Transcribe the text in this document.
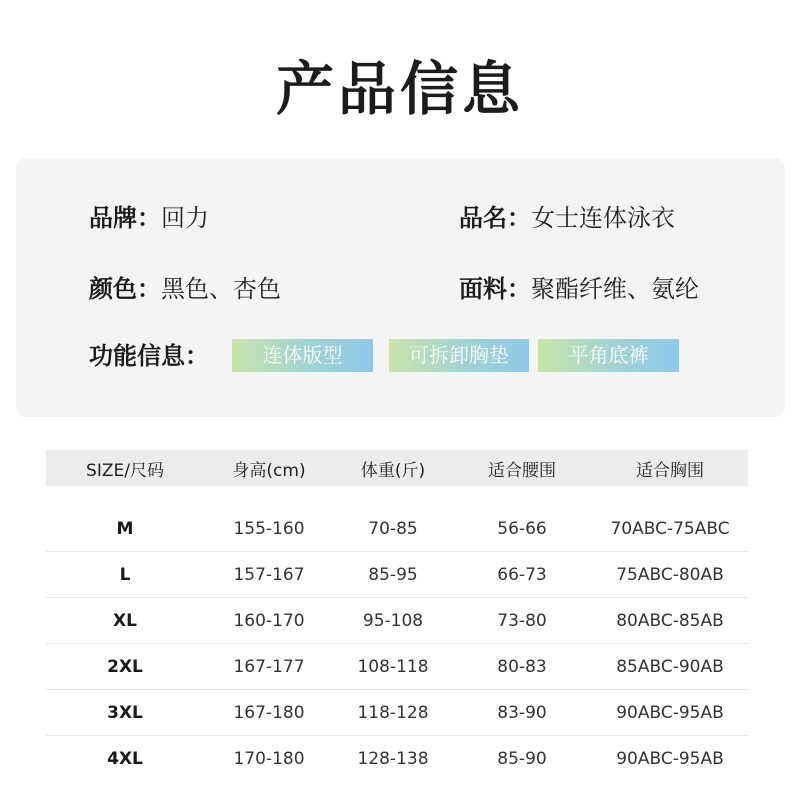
产品信息
品牌：回力	品名：女士连体泳衣
颜色：黑色、杏色	面料：聚酯纤维、氨纶
功能信息：	连体版型	可拆卸胸垫	平角底裤
SIZE/尺码	身高(cm)	体重(斤)	适合腰围	适合胸围
M	155-160	70-85	56-66	70ABC-75ABC
L	157-167	85-95	66-73	75ABC-80AB
XL	160-170	95-108	73-80	80ABC-85AB
2XL	167-177	108-118	80-83	85ABC-90AB
3XL	167-180	118-128	83-90	90ABC-95AB
4XL	170-180	128-138	85-90	90ABC-95AB
